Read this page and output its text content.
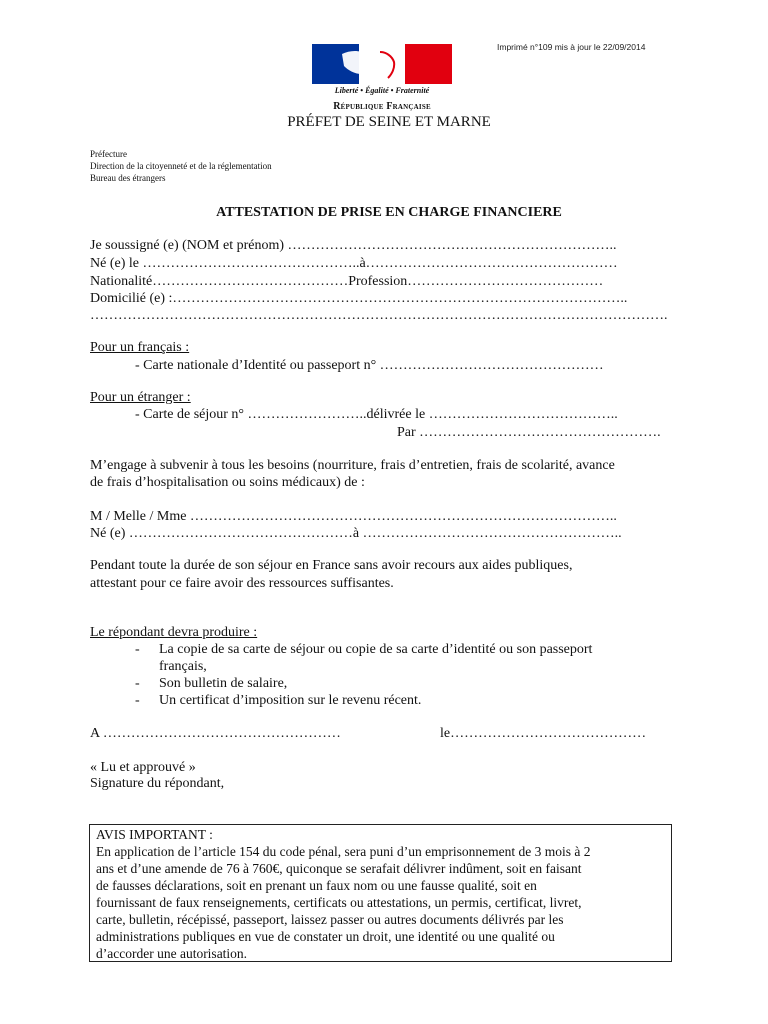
Imprimé n°109 mis à jour le 22/09/2014
Liberté • Égalité • Fraternité
République Française
PRÉFET DE SEINE ET MARNE
Préfecture
Direction de la citoyenneté et de la réglementation
Bureau des étrangers
ATTESTATION DE PRISE EN CHARGE FINANCIERE
Je soussigné (e) (NOM et prénom) ……………………………………………………………..
Né (e) le ………………………………………..à………………………………………………
Nationalité……………………………………Profession……………………………………
Domicilié (e) :……………………………………………………………………………………..
…………………………………………………………………………………………………………….
Pour un français :
- Carte nationale d’Identité ou passeport n° …………………………………………
Pour un étranger :
- Carte de séjour n° ……………………..délivrée le …………………………………..
Par …………………………………………….
M’engage à subvenir à tous les besoins (nourriture, frais d’entretien, frais de scolarité, avance
de frais d’hospitalisation ou soins médicaux) de :
M / Melle / Mme ………………………………………………………………………………..
Né (e) …………………………………………à ………………………………………………..
Pendant toute la durée de son séjour en France sans avoir recours aux aides publiques,
attestant pour ce faire avoir des ressources suffisantes.
Le répondant devra produire :
-	La copie de sa carte de séjour ou copie de sa carte d’identité ou son passeport
français,
-	Son bulletin de salaire,
-	Un certificat d’imposition sur le revenu récent.
A ……………………………………………	le……………………………………
« Lu et approuvé »
Signature du répondant,
AVIS IMPORTANT :
En application de l’article 154 du code pénal, sera puni d’un emprisonnement de 3 mois à 2
ans et d’une amende de 76 à 760€, quiconque se serafait délivrer indûment, soit en faisant
de fausses déclarations, soit en prenant un faux nom ou une fausse qualité, soit en
fournissant de faux renseignements, certificats ou attestations, un permis, certificat, livret,
carte, bulletin, récépissé, passeport, laissez passer ou autres documents délivrés par les
administrations publiques en vue de constater un droit, une identité ou une qualité ou
d’accorder une autorisation.
